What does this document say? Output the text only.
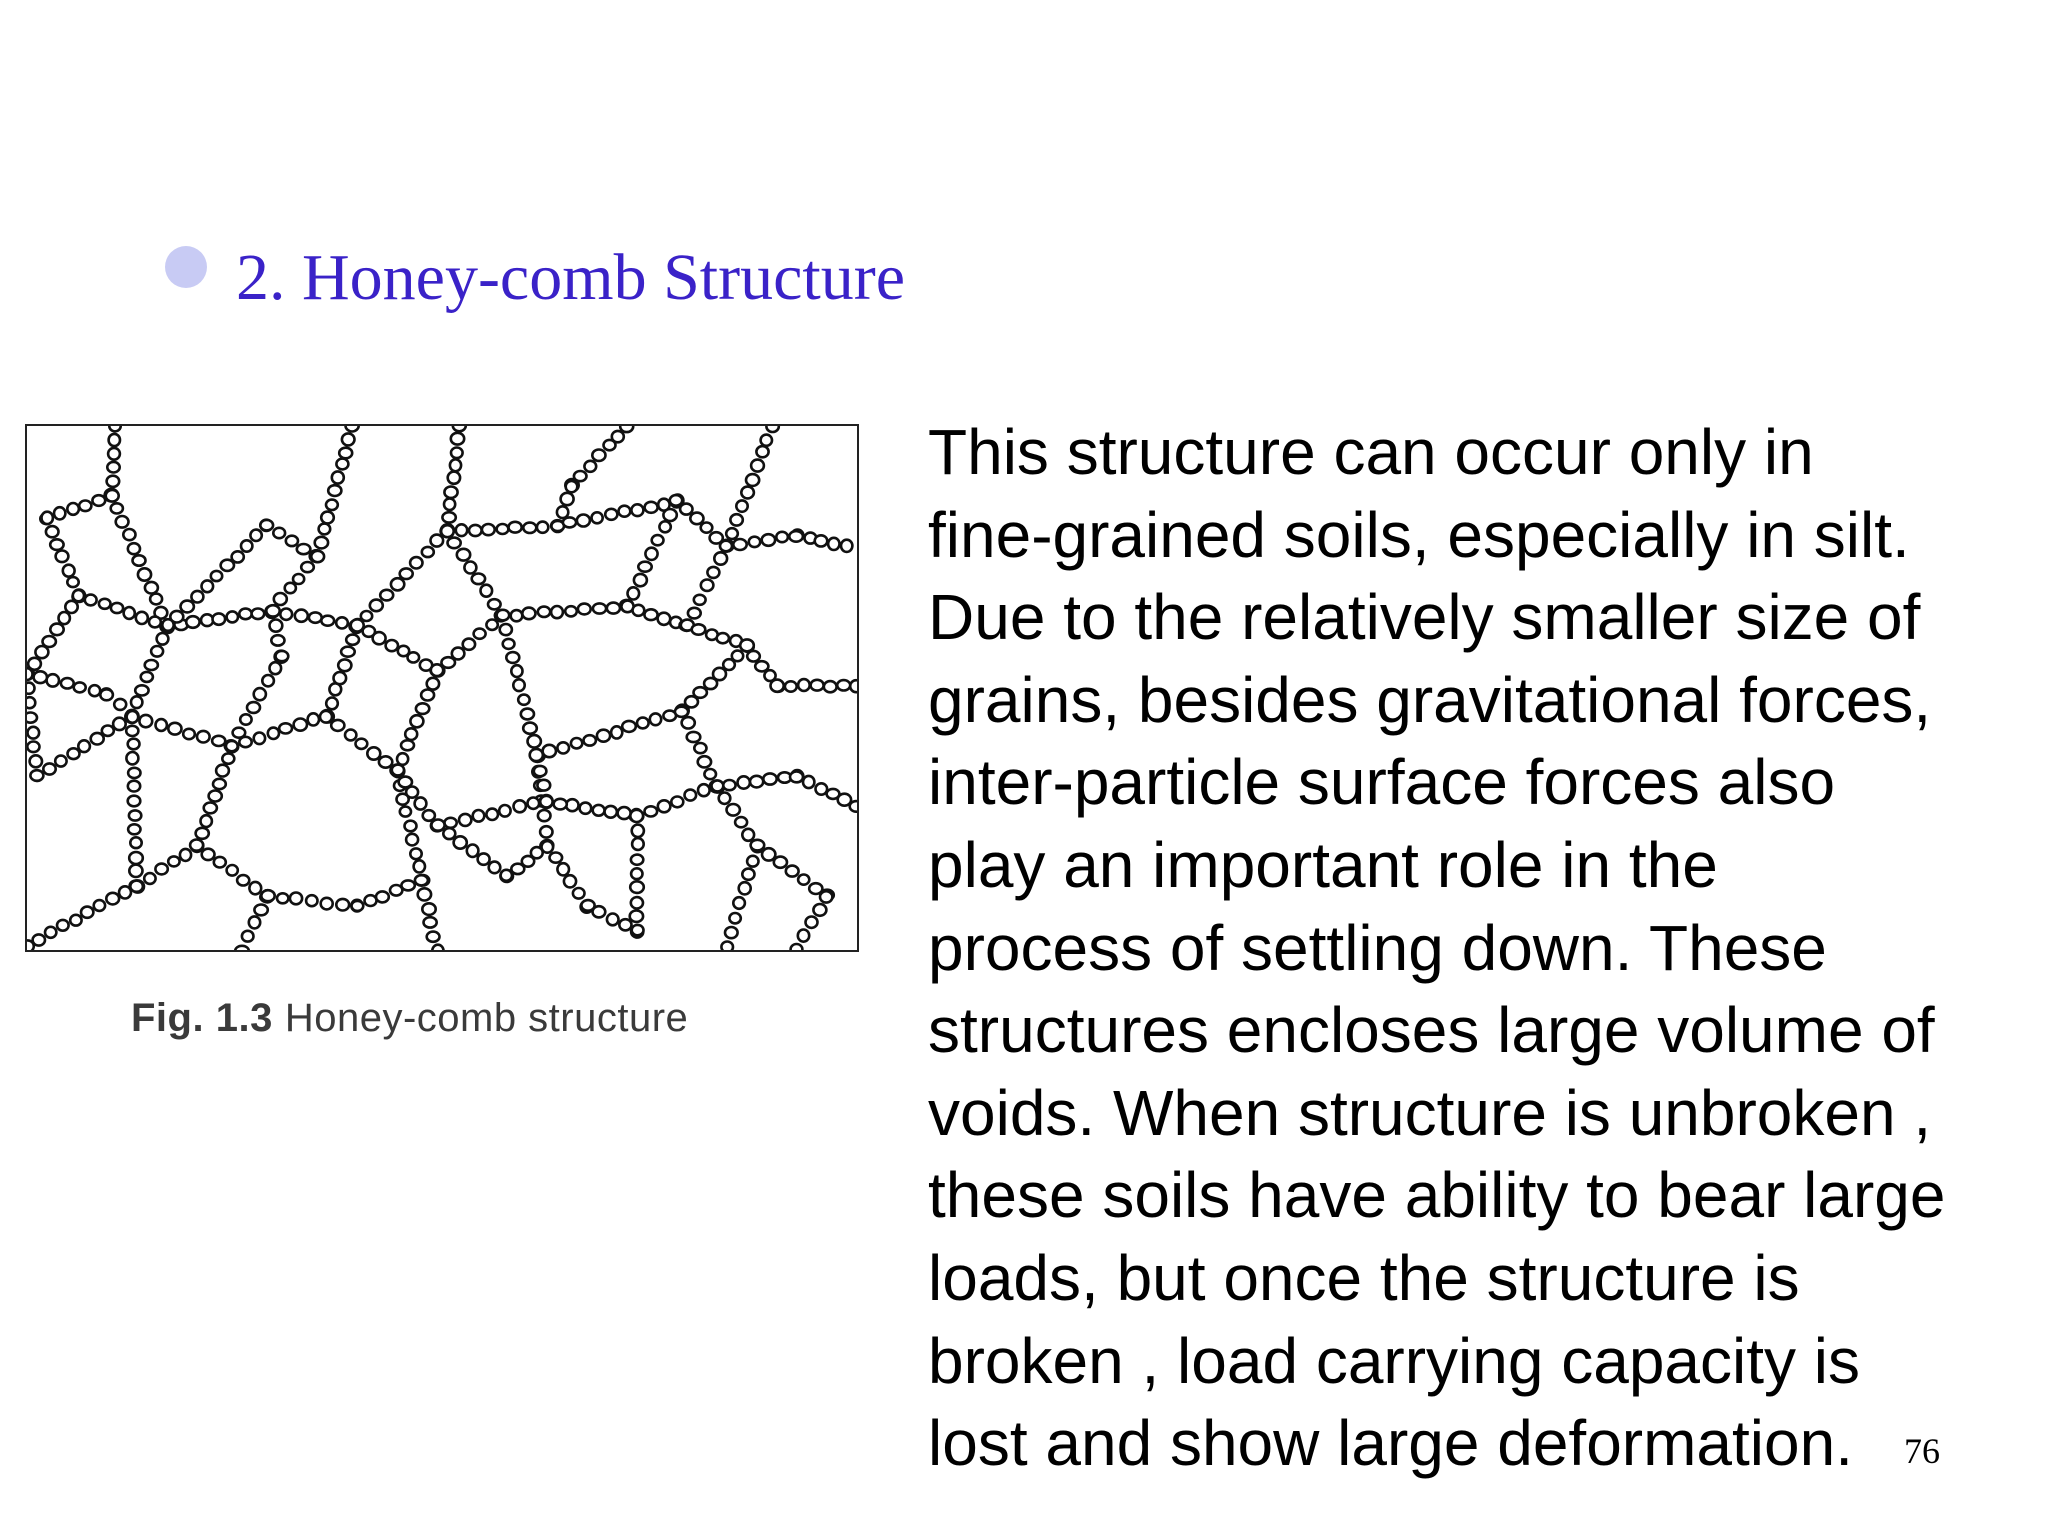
2. Honey-comb Structure
Fig. 1.3 Honey-comb structure
This structure can occur only in
fine-grained soils, especially in silt.
Due to the relatively smaller size of
grains, besides gravitational forces,
inter-particle surface forces also
play an important role in the
process of settling down. These
structures encloses large volume of
voids. When structure is unbroken ,
these soils have ability to bear large
loads, but once the structure is
broken , load carrying capacity is
lost and show large deformation.	76
